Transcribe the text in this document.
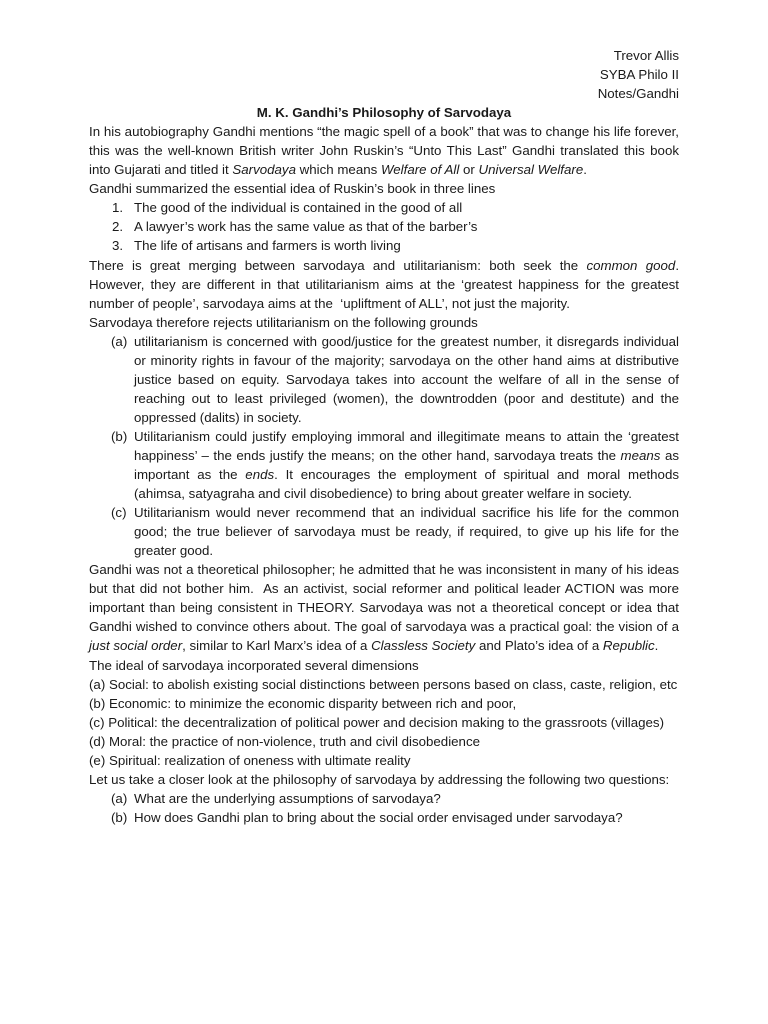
Trevor Allis
SYBA Philo II
Notes/Gandhi
M. K. Gandhi’s Philosophy of Sarvodaya
In his autobiography Gandhi mentions “the magic spell of a book” that was to change his life forever, this was the well-known British writer John Ruskin’s “Unto This Last” Gandhi translated this book into Gujarati and titled it Sarvodaya which means Welfare of All or Universal Welfare.
Gandhi summarized the essential idea of Ruskin’s book in three lines
1. The good of the individual is contained in the good of all
2. A lawyer’s work has the same value as that of the barber’s
3. The life of artisans and farmers is worth living
There is great merging between sarvodaya and utilitarianism: both seek the common good. However, they are different in that utilitarianism aims at the ‘greatest happiness for the greatest number of people’, sarvodaya aims at the  ‘upliftment of ALL’, not just the majority.
Sarvodaya therefore rejects utilitarianism on the following grounds
(a) utilitarianism is concerned with good/justice for the greatest number, it disregards individual or minority rights in favour of the majority; sarvodaya on the other hand aims at distributive justice based on equity. Sarvodaya takes into account the welfare of all in the sense of reaching out to least privileged (women), the downtrodden (poor and destitute) and the oppressed (dalits) in society.
(b) Utilitarianism could justify employing immoral and illegitimate means to attain the ‘greatest happiness’ – the ends justify the means; on the other hand, sarvodaya treats the means as important as the ends. It encourages the employment of spiritual and moral methods (ahimsa, satyagraha and civil disobedience) to bring about greater welfare in society.
(c) Utilitarianism would never recommend that an individual sacrifice his life for the common good; the true believer of sarvodaya must be ready, if required, to give up his life for the greater good.
Gandhi was not a theoretical philosopher; he admitted that he was inconsistent in many of his ideas but that did not bother him.  As an activist, social reformer and political leader ACTION was more important than being consistent in THEORY. Sarvodaya was not a theoretical concept or idea that Gandhi wished to convince others about. The goal of sarvodaya was a practical goal: the vision of a just social order, similar to Karl Marx’s idea of a Classless Society and Plato’s idea of a Republic.
The ideal of sarvodaya incorporated several dimensions
(a) Social: to abolish existing social distinctions between persons based on class, caste, religion, etc
(b) Economic: to minimize the economic disparity between rich and poor,
(c) Political: the decentralization of political power and decision making to the grassroots (villages)
(d) Moral: the practice of non-violence, truth and civil disobedience
(e) Spiritual: realization of oneness with ultimate reality
Let us take a closer look at the philosophy of sarvodaya by addressing the following two questions:
(a) What are the underlying assumptions of sarvodaya?
(b) How does Gandhi plan to bring about the social order envisaged under sarvodaya?
